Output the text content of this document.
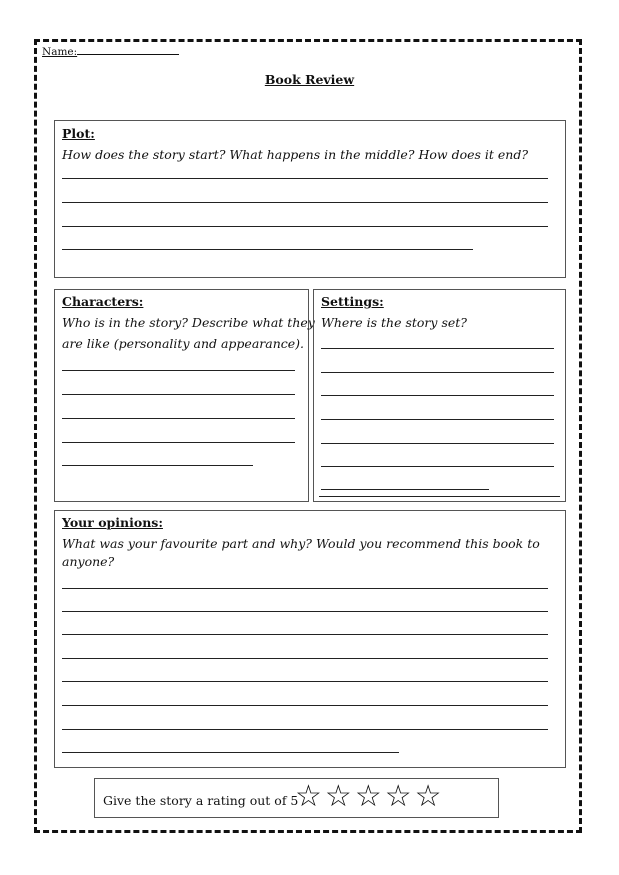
Name:
Book Review
Plot:
How does the story start? What happens in the middle? How does it end?
Characters:
Who is in the story? Describe what they
are like (personality and appearance).
Settings:
Where is the story set?
Your opinions:
What was your favourite part and why? Would you recommend this book to
anyone?
Give the story a rating out of 5
☆☆☆☆☆
